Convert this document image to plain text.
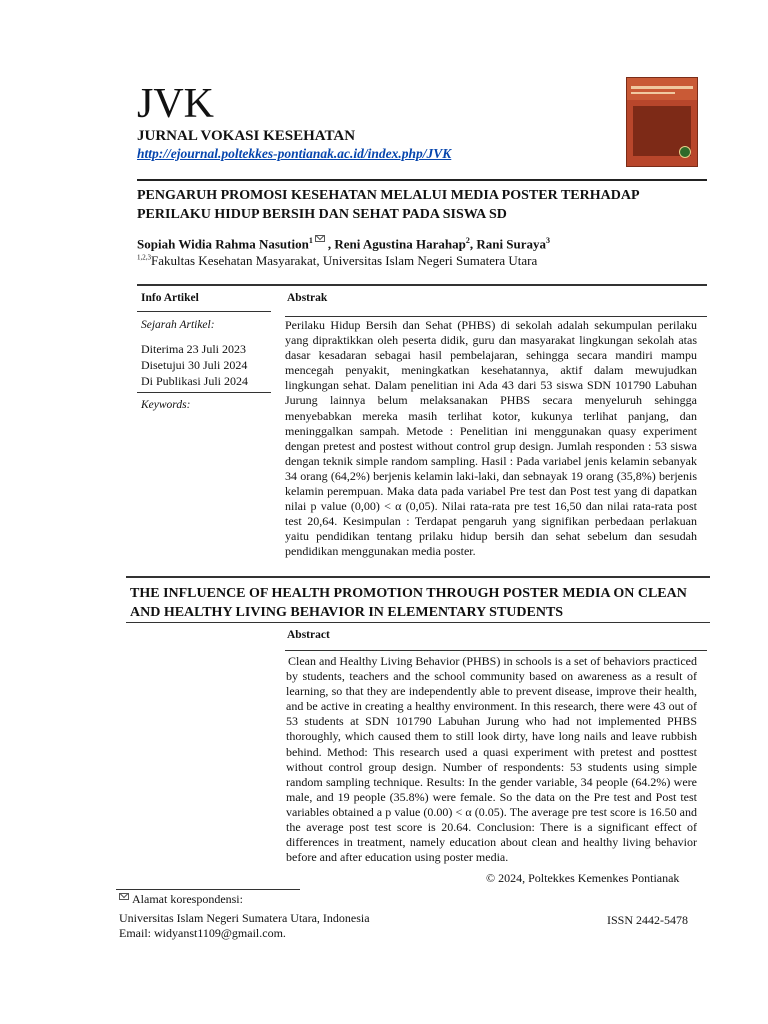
JVK
JURNAL VOKASI KESEHATAN
http://ejournal.poltekkes-pontianak.ac.id/index.php/JVK
PENGARUH PROMOSI KESEHATAN MELALUI MEDIA POSTER TERHADAP PERILAKU HIDUP BERSIH DAN SEHAT PADA SISWA SD
Sopiah Widia Rahma Nasution$^1$ , Reni Agustina Harahap$^2$, Rani Suraya$^3$
$^{1,2,3}$Fakultas Kesehatan Masyarakat, Universitas Islam Negeri Sumatera Utara
Info Artikel	Abstrak
Sejarah Artikel:
Diterima 23 Juli 2023
Disetujui 30 Juli 2024
Di Publikasi Juli 2024
Keywords:
Perilaku Hidup Bersih dan Sehat (PHBS) di sekolah adalah sekumpulan perilaku yang dipraktikkan oleh peserta didik, guru dan masyarakat lingkungan sekolah atas dasar kesadaran sebagai hasil pembelajaran, sehingga secara mandiri mampu mencegah penyakit, meningkatkan kesehatannya, aktif dalam mewujudkan lingkungan sehat. Dalam penelitian ini Ada 43 dari 53 siswa SDN 101790 Labuhan Jurung lainnya belum melaksanakan PHBS secara menyeluruh sehingga menyebabkan mereka masih terlihat kotor, kukunya terlihat panjang, dan meninggalkan sampah. Metode : Penelitian ini menggunakan quasy experiment dengan pretest and postest without control grup design. Jumlah responden : 53 siswa dengan teknik simple random sampling. Hasil : Pada variabel jenis kelamin sebanyak 34 orang (64,2%) berjenis kelamin laki-laki, dan sebnayak 19 orang (35,8%) berjenis kelamin perempuan. Maka data pada variabel Pre test dan Post test yang di dapatkan nilai p value (0,00) < α (0,05). Nilai rata-rata pre test 16,50 dan nilai rata-rata post test 20,64. Kesimpulan : Terdapat pengaruh yang signifikan perbedaan perlakuan yaitu pendidikan tentang prilaku hidup bersih dan sehat sebelum dan sesudah pendidikan menggunakan media poster.
THE INFLUENCE OF HEALTH PROMOTION THROUGH POSTER MEDIA ON CLEAN AND HEALTHY LIVING BEHAVIOR IN ELEMENTARY STUDENTS
Abstract
Clean and Healthy Living Behavior (PHBS) in schools is a set of behaviors practiced by students, teachers and the school community based on awareness as a result of learning, so that they are independently able to prevent disease, improve their health, and be active in creating a healthy environment. In this research, there were 43 out of 53 students at SDN 101790 Labuhan Jurung who had not implemented PHBS thoroughly, which caused them to still look dirty, have long nails and leave rubbish behind. Method: This research used a quasi experiment with pretest and posttest without control group design. Number of respondents: 53 students using simple random sampling technique. Results: In the gender variable, 34 people (64.2%) were male, and 19 people (35.8%) were female. So the data on the Pre test and Post test variables obtained a p value (0.00) < α (0.05). The average pre test score is 16.50 and the average post test score is 20.64. Conclusion: There is a significant effect of differences in treatment, namely education about clean and healthy living behavior before and after education using poster media.
© 2024, Poltekkes Kemenkes Pontianak
Alamat korespondensi:
Universitas Islam Negeri Sumatera Utara, Indonesia
Email: widyanst1109@gmail.com.
ISSN 2442-5478
